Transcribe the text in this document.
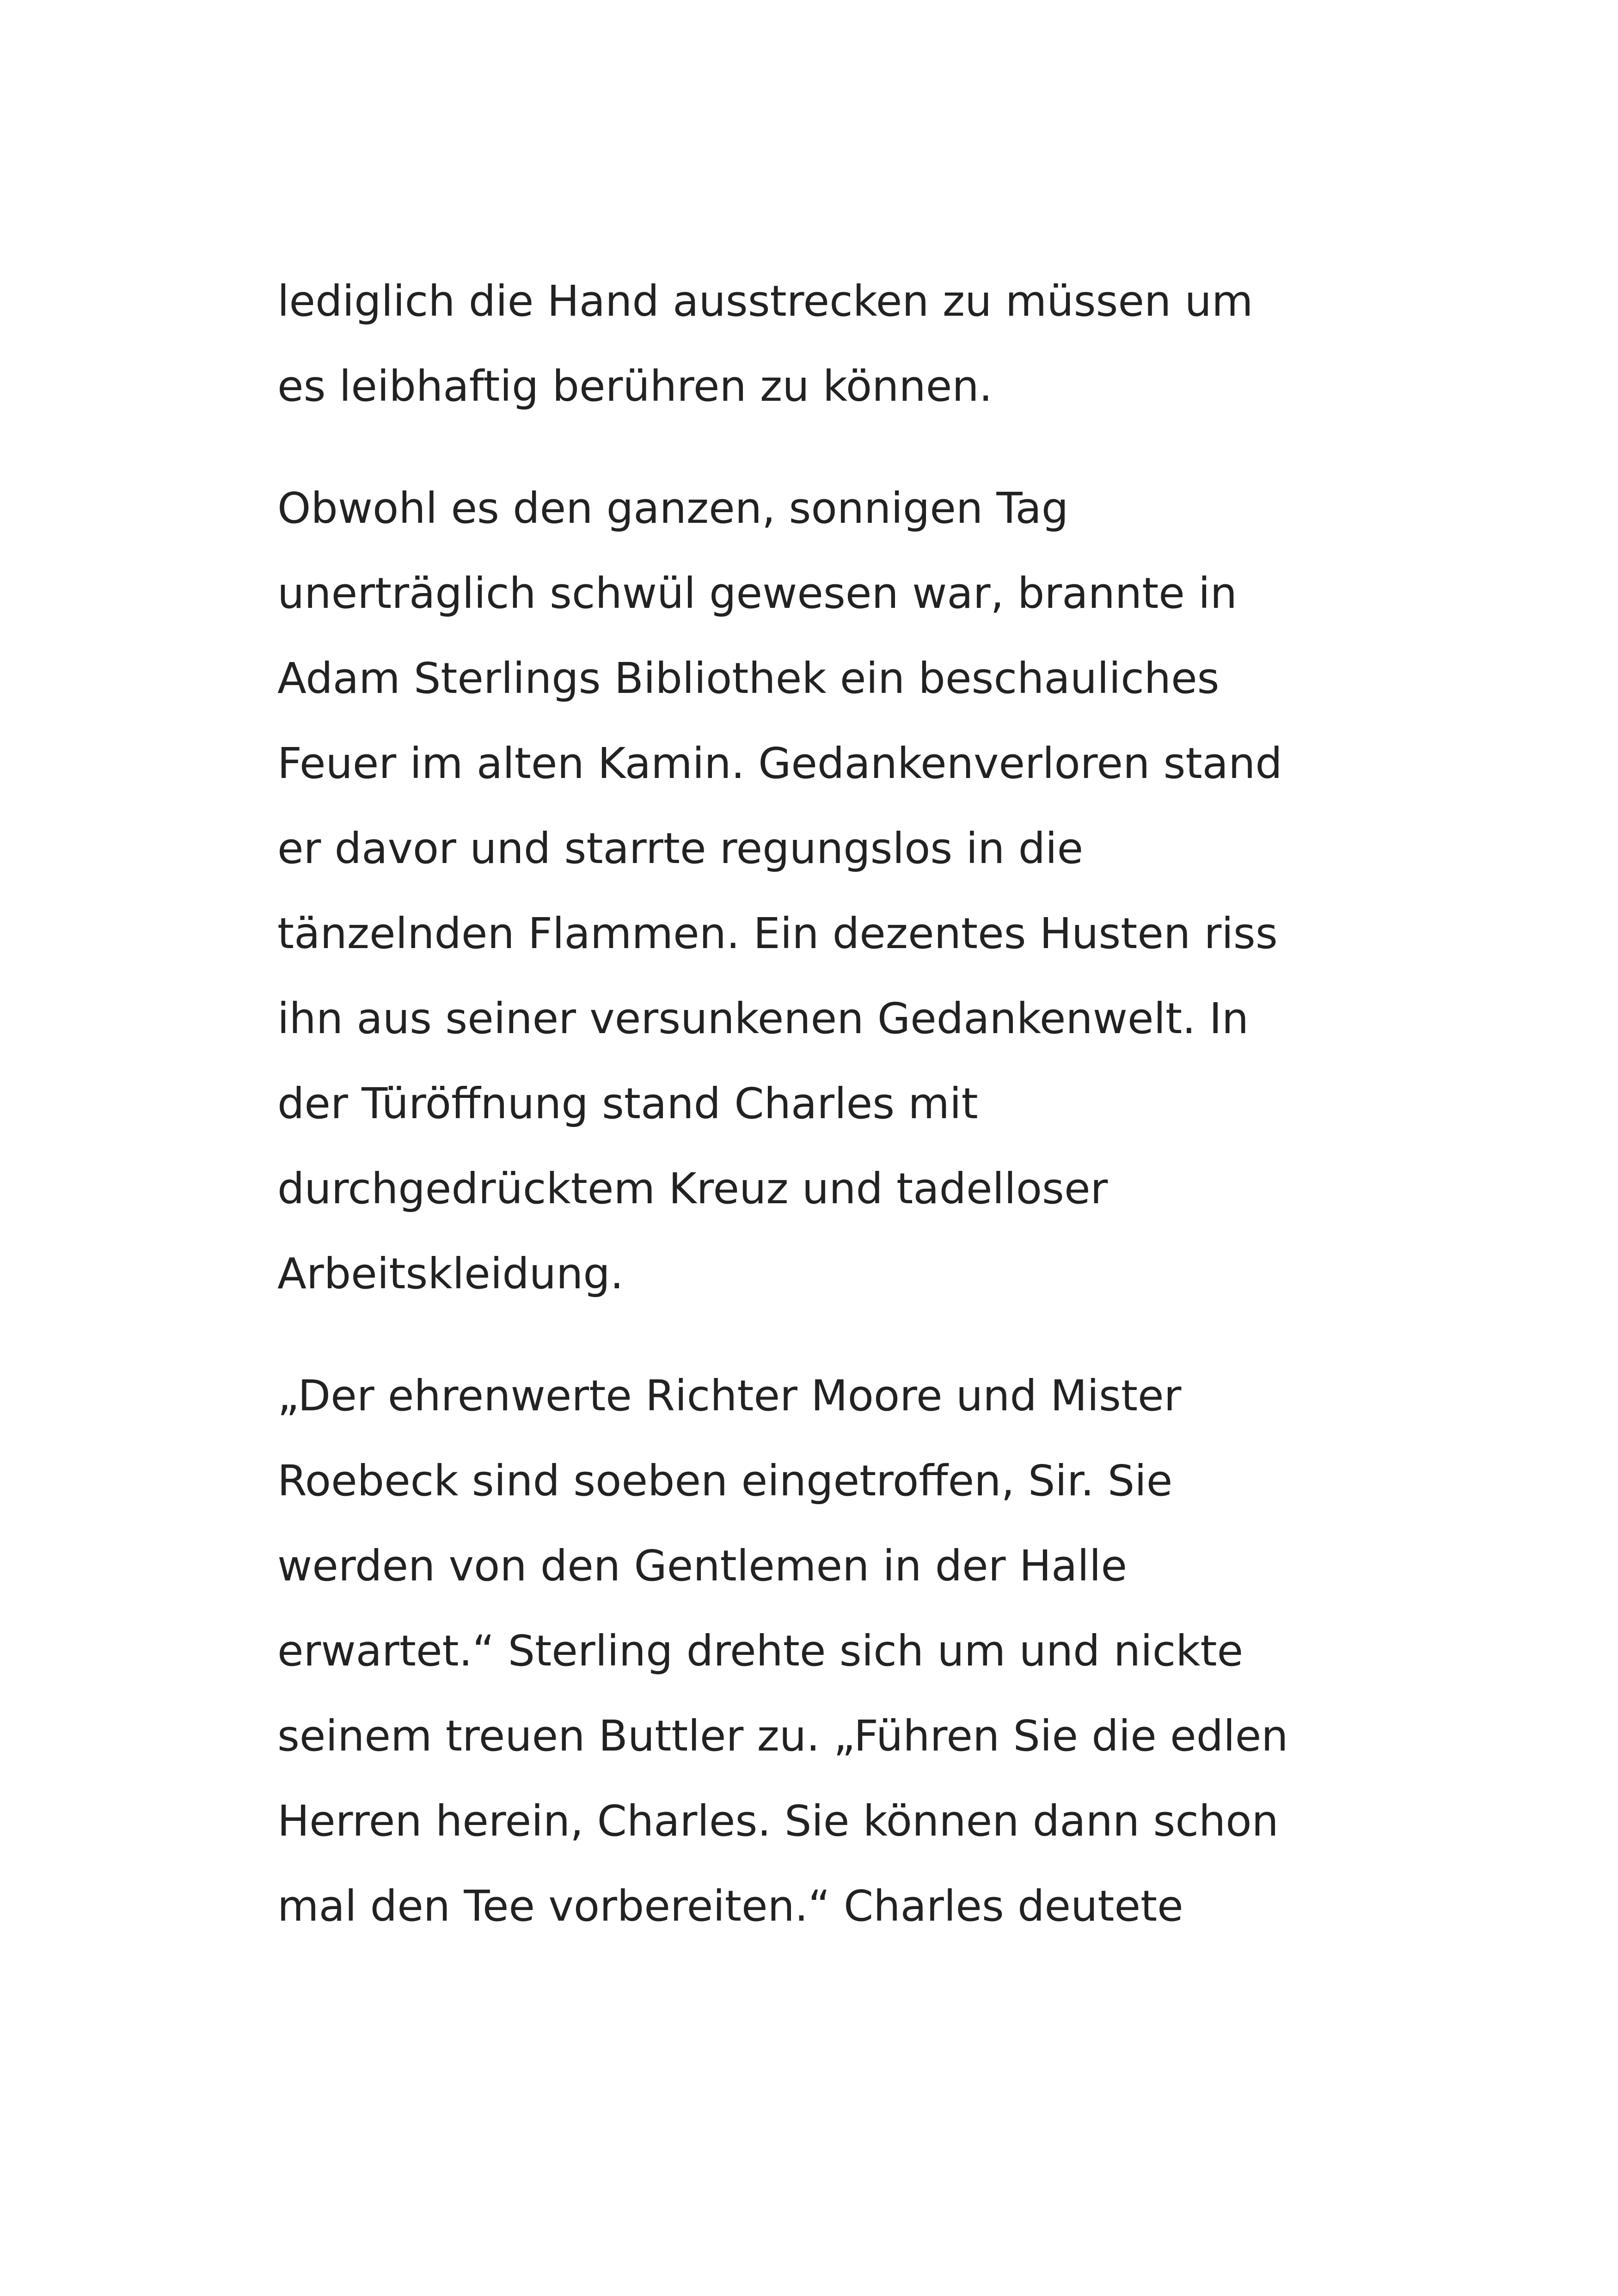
lediglich die Hand ausstrecken zu müssen um
es leibhaftig berühren zu können.

Obwohl es den ganzen, sonnigen Tag
unerträglich schwül gewesen war, brannte in
Adam Sterlings Bibliothek ein beschauliches
Feuer im alten Kamin. Gedankenverloren stand
er davor und starrte regungslos in die
tänzelnden Flammen. Ein dezentes Husten riss
ihn aus seiner versunkenen Gedankenwelt. In
der Türöffnung stand Charles mit
durchgedrücktem Kreuz und tadelloser
Arbeitskleidung.

„Der ehrenwerte Richter Moore und Mister
Roebeck sind soeben eingetroffen, Sir. Sie
werden von den Gentlemen in der Halle
erwartet.“ Sterling drehte sich um und nickte
seinem treuen Buttler zu. „Führen Sie die edlen
Herren herein, Charles. Sie können dann schon
mal den Tee vorbereiten.“ Charles deutete
